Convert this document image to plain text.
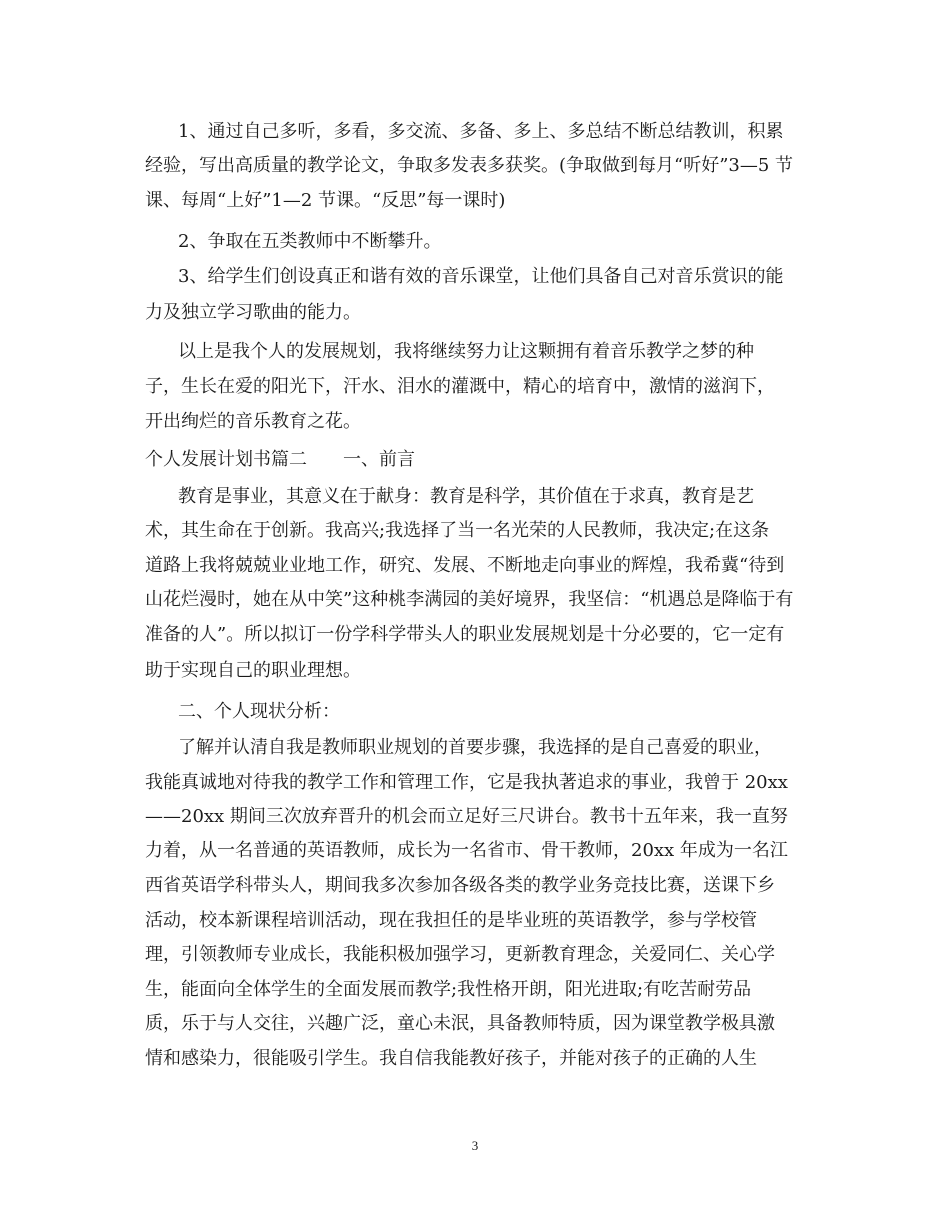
1、通过自己多听，多看，多交流、多备、多上、多总结不断总结教训，积累
经验，写出高质量的教学论文，争取多发表多获奖。(争取做到每月“听好”3—5 节
课、每周“上好”1—2 节课。“反思”每一课时)
2、争取在五类教师中不断攀升。
3、给学生们创设真正和谐有效的音乐课堂，让他们具备自己对音乐赏识的能
力及独立学习歌曲的能力。
以上是我个人的发展规划，我将继续努力让这颗拥有着音乐教学之梦的种
子，生长在爱的阳光下，汗水、泪水的灌溉中，精心的培育中，激情的滋润下，
开出绚烂的音乐教育之花。
个人发展计划书篇二　　一、前言
教育是事业，其意义在于献身：教育是科学，其价值在于求真，教育是艺
术，其生命在于创新。我高兴;我选择了当一名光荣的人民教师，我决定;在这条
道路上我将兢兢业业地工作，研究、发展、不断地走向事业的辉煌，我希冀“待到
山花烂漫时，她在从中笑”这种桃李满园的美好境界，我坚信：“机遇总是降临于有
准备的人”。所以拟订一份学科学带头人的职业发展规划是十分必要的，它一定有
助于实现自己的职业理想。
二、个人现状分析：
了解并认清自我是教师职业规划的首要步骤，我选择的是自己喜爱的职业，
我能真诚地对待我的教学工作和管理工作，它是我执著追求的事业，我曾于 20xx
——20xx 期间三次放弃晋升的机会而立足好三尺讲台。教书十五年来，我一直努
力着，从一名普通的英语教师，成长为一名省市、骨干教师，20xx 年成为一名江
西省英语学科带头人，期间我多次参加各级各类的教学业务竞技比赛，送课下乡
活动，校本新课程培训活动，现在我担任的是毕业班的英语教学，参与学校管
理，引领教师专业成长，我能积极加强学习，更新教育理念，关爱同仁、关心学
生，能面向全体学生的全面发展而教学;我性格开朗，阳光进取;有吃苦耐劳品
质，乐于与人交往，兴趣广泛，童心未泯，具备教师特质，因为课堂教学极具激
情和感染力，很能吸引学生。我自信我能教好孩子，并能对孩子的正确的人生
3
